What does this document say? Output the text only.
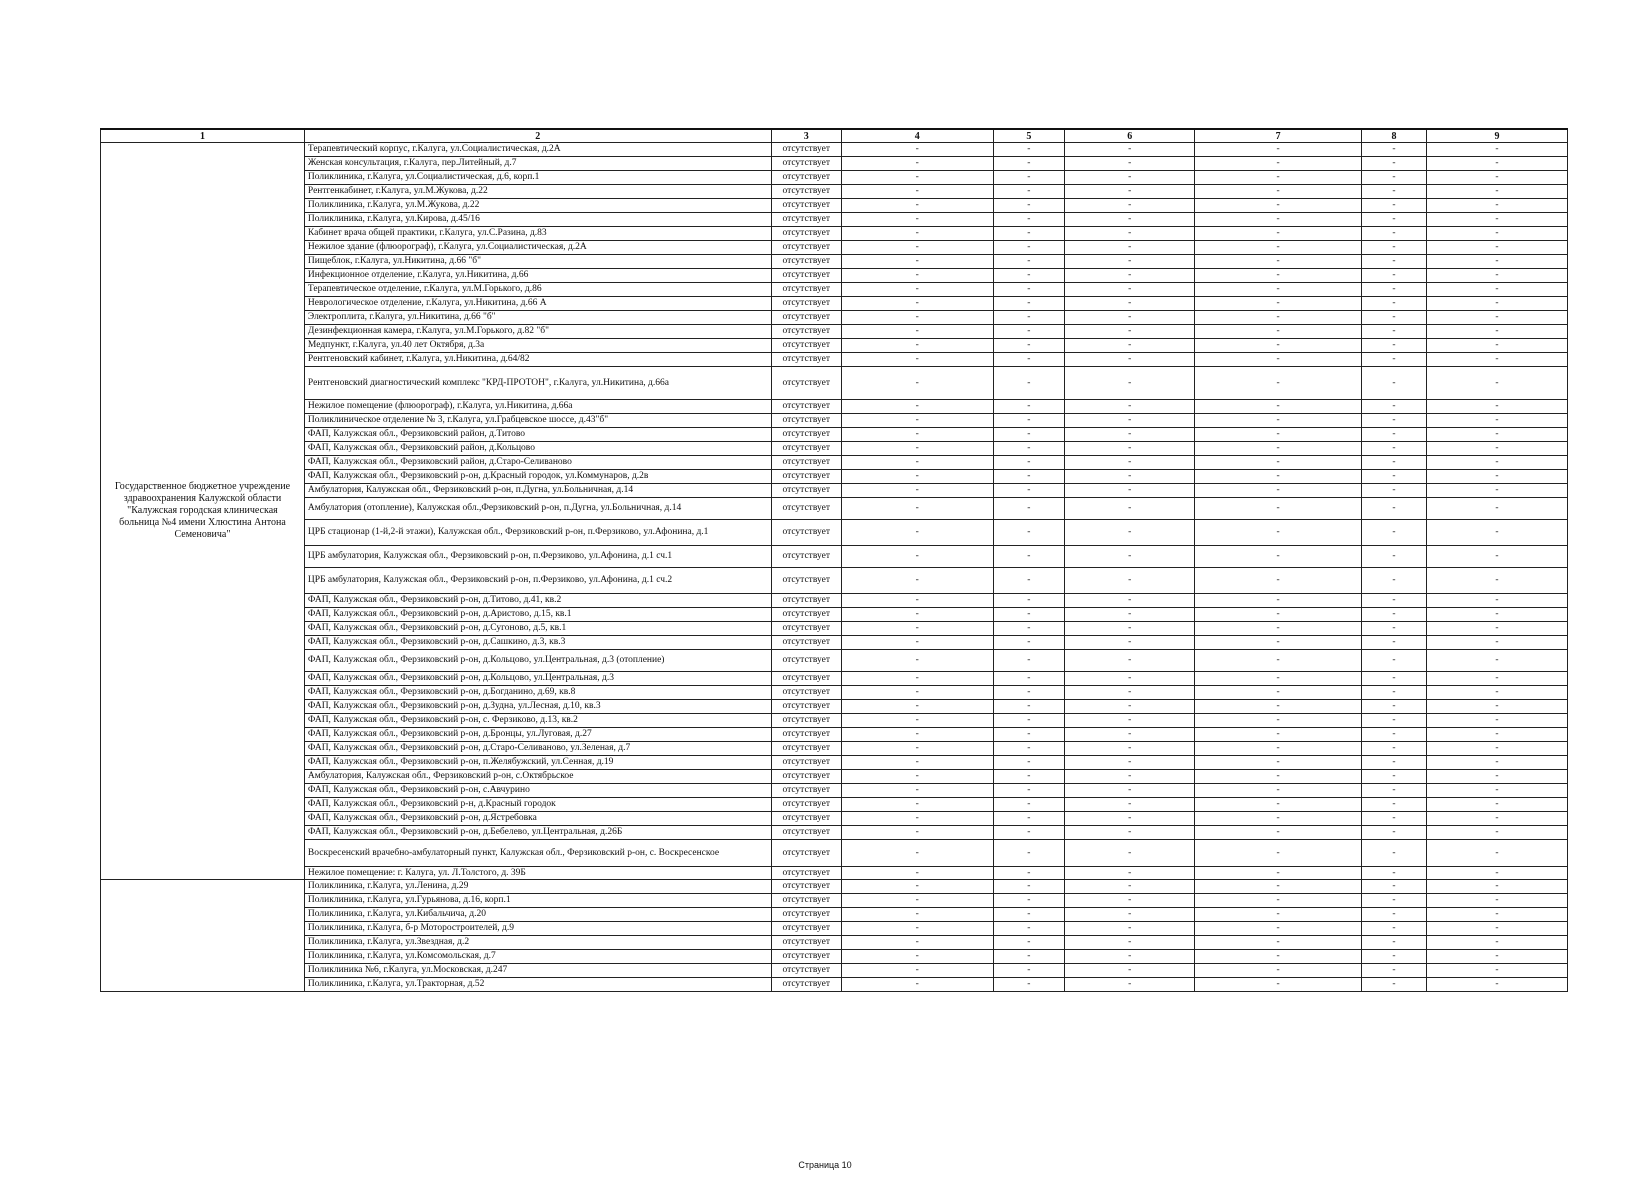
1	2	3	4	5	6	7	8	9
Государственное бюджетное учреждение здравоохранения Калужской области "Калужская городская клиническая больница №4 имени Хлюстина Антона Семеновича"	Терапевтический корпус, г.Калуга, ул.Социалистическая, д.2А	отсутствует	-	-	-	-	-	-
	Женская консультация, г.Калуга, пер.Литейный, д.7	отсутствует	-	-	-	-	-	-
	Поликлиника, г.Калуга, ул.Социалистическая, д.6, корп.1	отсутствует	-	-	-	-	-	-
	Рентгенкабинет, г.Калуга, ул.М.Жукова, д.22	отсутствует	-	-	-	-	-	-
	Поликлиника, г.Калуга, ул.М.Жукова, д.22	отсутствует	-	-	-	-	-	-
	Поликлиника, г.Калуга, ул.Кирова, д.45/16	отсутствует	-	-	-	-	-	-
	Кабинет врача общей практики, г.Калуга, ул.С.Разина, д.83	отсутствует	-	-	-	-	-	-
	Нежилое здание (флюорограф), г.Калуга, ул.Социалистическая, д.2А	отсутствует	-	-	-	-	-	-
	Пищеблок, г.Калуга, ул.Никитина, д.66 "б"	отсутствует	-	-	-	-	-	-
	Инфекционное отделение, г.Калуга, ул.Никитина, д.66	отсутствует	-	-	-	-	-	-
	Терапевтическое отделение, г.Калуга, ул.М.Горького, д.86	отсутствует	-	-	-	-	-	-
	Неврологическое отделение, г.Калуга, ул.Никитина, д.66 А	отсутствует	-	-	-	-	-	-
	Электроплита, г.Калуга, ул.Никитина, д.66 "б"	отсутствует	-	-	-	-	-	-
	Дезинфекционная камера, г.Калуга, ул.М.Горького, д.82 "б"	отсутствует	-	-	-	-	-	-
	Медпункт, г.Калуга, ул.40 лет Октября, д.3а	отсутствует	-	-	-	-	-	-
	Рентгеновский кабинет, г.Калуга, ул.Никитина, д.64/82	отсутствует	-	-	-	-	-	-
	Рентгеновский диагностический комплекс "КРД-ПРОТОН", г.Калуга, ул.Никитина, д.66а	отсутствует	-	-	-	-	-	-
	Нежилое помещение (флюорограф), г.Калуга, ул.Никитина, д.66а	отсутствует	-	-	-	-	-	-
	Поликлиническое отделение № 3, г.Калуга, ул.Грабцевское шоссе, д.43"б"	отсутствует	-	-	-	-	-	-
	ФАП, Калужская обл., Ферзиковский район, д.Титово	отсутствует	-	-	-	-	-	-
	ФАП, Калужская обл., Ферзиковский район, д.Кольцово	отсутствует	-	-	-	-	-	-
	ФАП, Калужская обл., Ферзиковский район, д.Старо-Селиваново	отсутствует	-	-	-	-	-	-
	ФАП, Калужская обл., Ферзиковский р-он, д.Красный городок, ул.Коммунаров, д.2в	отсутствует	-	-	-	-	-	-
	Амбулатория, Калужская обл., Ферзиковский р-он, п.Дугна, ул.Больничная, д.14	отсутствует	-	-	-	-	-	-
	Амбулатория (отопление), Калужская обл.,Ферзиковский р-он, п.Дугна, ул.Больничная, д.14	отсутствует	-	-	-	-	-	-
	ЦРБ стационар (1-й,2-й этажи), Калужская обл., Ферзиковский р-он, п.Ферзиково, ул.Афонина, д.1	отсутствует	-	-	-	-	-	-
	ЦРБ амбулатория, Калужская обл., Ферзиковский р-он, п.Ферзиково, ул.Афонина, д.1 сч.1	отсутствует	-	-	-	-	-	-
	ЦРБ амбулатория, Калужская обл., Ферзиковский р-он, п.Ферзиково, ул.Афонина, д.1 сч.2	отсутствует	-	-	-	-	-	-
	ФАП, Калужская обл., Ферзиковский р-он, д.Титово, д.41, кв.2	отсутствует	-	-	-	-	-	-
	ФАП, Калужская обл., Ферзиковский р-он, д.Аристово, д.15, кв.1	отсутствует	-	-	-	-	-	-
	ФАП, Калужская обл., Ферзиковский р-он, д.Сугоново, д.5, кв.1	отсутствует	-	-	-	-	-	-
	ФАП, Калужская обл., Ферзиковский р-он, д.Сашкино, д.3, кв.3	отсутствует	-	-	-	-	-	-
	ФАП, Калужская обл., Ферзиковский р-он, д.Кольцово, ул.Центральная, д.3 (отопление)	отсутствует	-	-	-	-	-	-
	ФАП, Калужская обл., Ферзиковский р-он, д.Кольцово, ул.Центральная, д.3	отсутствует	-	-	-	-	-	-
	ФАП, Калужская обл., Ферзиковский р-он, д.Богданино, д.69, кв.8	отсутствует	-	-	-	-	-	-
	ФАП, Калужская обл., Ферзиковский р-он, д.Зудна, ул.Лесная, д.10, кв.3	отсутствует	-	-	-	-	-	-
	ФАП, Калужская обл., Ферзиковский р-он, с. Ферзиково, д.13, кв.2	отсутствует	-	-	-	-	-	-
	ФАП, Калужская обл., Ферзиковский р-он, д.Бронцы, ул.Луговая, д.27	отсутствует	-	-	-	-	-	-
	ФАП, Калужская обл., Ферзиковский р-он, д.Старо-Селиваново, ул.Зеленая, д.7	отсутствует	-	-	-	-	-	-
	ФАП, Калужская обл., Ферзиковский р-он, п.Желябужский, ул.Сенная, д.19	отсутствует	-	-	-	-	-	-
	Амбулатория, Калужская обл., Ферзиковский р-он, с.Октябрьское	отсутствует	-	-	-	-	-	-
	ФАП, Калужская обл., Ферзиковский р-он, с.Авчурино	отсутствует	-	-	-	-	-	-
	ФАП, Калужская обл., Ферзиковский р-н, д.Красный городок	отсутствует	-	-	-	-	-	-
	ФАП, Калужская обл., Ферзиковский р-он, д.Ястребовка	отсутствует	-	-	-	-	-	-
	ФАП, Калужская обл., Ферзиковский р-он, д.Бебелево, ул.Центральная, д.26Б	отсутствует	-	-	-	-	-	-
	Воскресенский врачебно-амбулаторный пункт, Калужская обл., Ферзиковский р-он, с. Воскресенское	отсутствует	-	-	-	-	-	-
	Нежилое помещение: г. Калуга, ул. Л.Толстого, д. 39Б	отсутствует	-	-	-	-	-	-
	Поликлиника, г.Калуга, ул.Ленина, д.29	отсутствует	-	-	-	-	-	-
	Поликлиника, г.Калуга, ул.Гурьянова, д.16, корп.1	отсутствует	-	-	-	-	-	-
	Поликлиника, г.Калуга, ул.Кибальчича, д.20	отсутствует	-	-	-	-	-	-
	Поликлиника, г.Калуга, б-р Моторостроителей, д.9	отсутствует	-	-	-	-	-	-
	Поликлиника, г.Калуга, ул.Звездная, д.2	отсутствует	-	-	-	-	-	-
	Поликлиника, г.Калуга, ул.Комсомольская, д.7	отсутствует	-	-	-	-	-	-
	Поликлиника №6, г.Калуга, ул.Московская, д.247	отсутствует	-	-	-	-	-	-
	Поликлиника, г.Калуга, ул.Тракторная, д.52	отсутствует	-	-	-	-	-	-
Страница 10
